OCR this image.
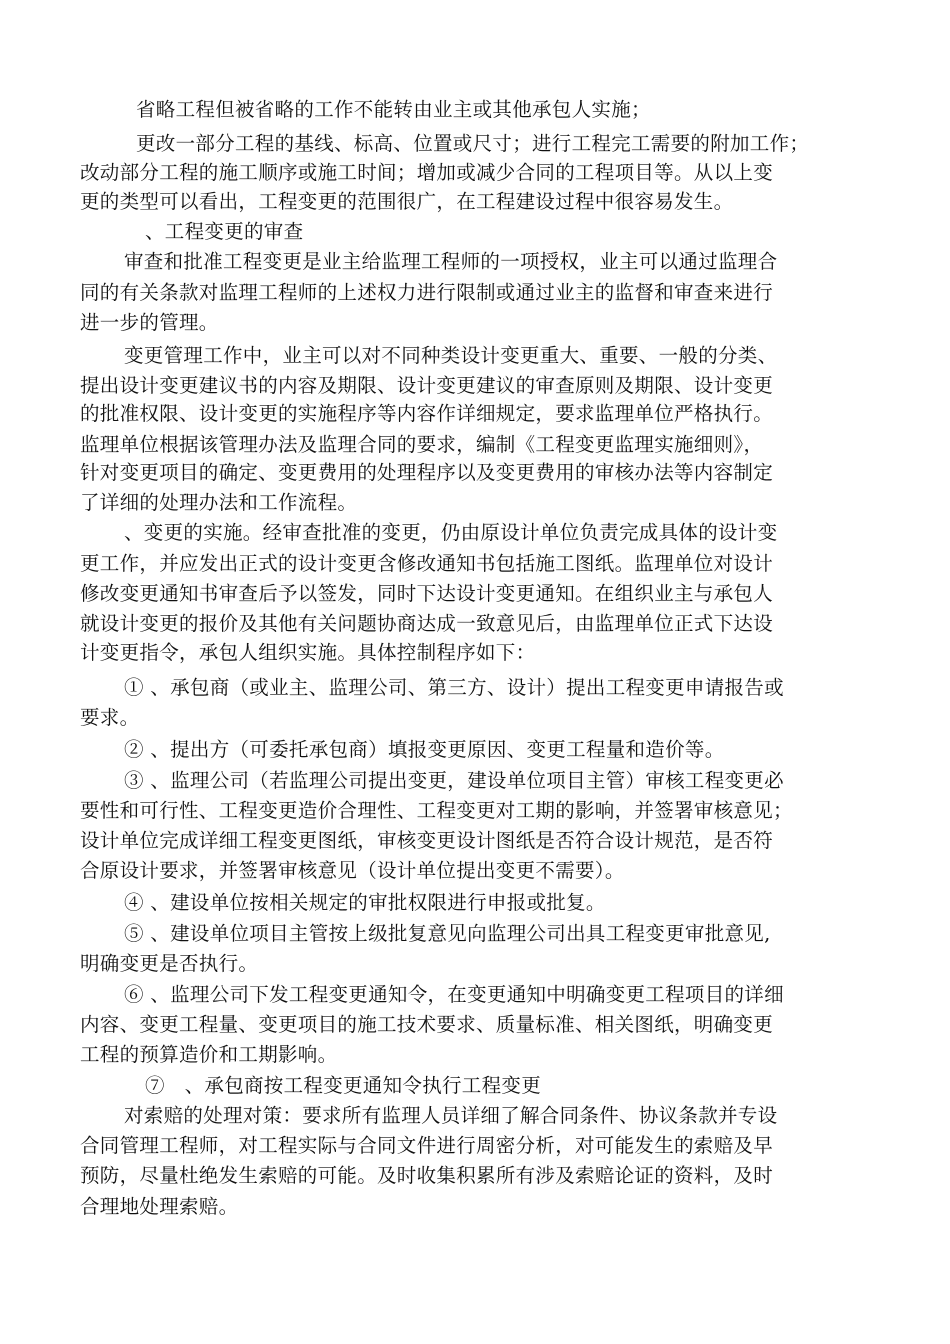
省略工程但被省略的工作不能转由业主或其他承包人实施；
更改一部分工程的基线、标高、位置或尺寸；进行工程完工需要的附加工作；
改动部分工程的施工顺序或施工时间；增加或减少合同的工程项目等。从以上变
更的类型可以看出，工程变更的范围很广，在工程建设过程中很容易发生。
、工程变更的审查
审查和批准工程变更是业主给监理工程师的一项授权，业主可以通过监理合
同的有关条款对监理工程师的上述权力进行限制或通过业主的监督和审查来进行
进一步的管理。
变更管理工作中，业主可以对不同种类设计变更重大、重要、一般的分类、
提出设计变更建议书的内容及期限、设计变更建议的审查原则及期限、设计变更
的批准权限、设计变更的实施程序等内容作详细规定，要求监理单位严格执行。
监理单位根据该管理办法及监理合同的要求，编制《工程变更监理实施细则》，
针对变更项目的确定、变更费用的处理程序以及变更费用的审核办法等内容制定
了详细的处理办法和工作流程。
、变更的实施。经审查批准的变更，仍由原设计单位负责完成具体的设计变
更工作，并应发出正式的设计变更含修改通知书包括施工图纸。监理单位对设计
修改变更通知书审查后予以签发，同时下达设计变更通知。在组织业主与承包人
就设计变更的报价及其他有关问题协商达成一致意见后，由监理单位正式下达设
计变更指令，承包人组织实施。具体控制程序如下：
① 、承包商（或业主、监理公司、第三方、设计）提出工程变更申请报告或
要求。
② 、提出方（可委托承包商）填报变更原因、变更工程量和造价等。
③ 、监理公司（若监理公司提出变更，建设单位项目主管）审核工程变更必
要性和可行性、工程变更造价合理性、工程变更对工期的影响，并签署审核意见；
设计单位完成详细工程变更图纸，审核变更设计图纸是否符合设计规范，是否符
合原设计要求，并签署审核意见（设计单位提出变更不需要）。
④ 、建设单位按相关规定的审批权限进行申报或批复。
⑤ 、建设单位项目主管按上级批复意见向监理公司出具工程变更审批意见,
明确变更是否执行。
⑥ 、监理公司下发工程变更通知令，在变更通知中明确变更工程项目的详细
内容、变更工程量、变更项目的施工技术要求、质量标准、相关图纸，明确变更
工程的预算造价和工期影响。
⑦　、承包商按工程变更通知令执行工程变更
对索赔的处理对策：要求所有监理人员详细了解合同条件、协议条款并专设
合同管理工程师，对工程实际与合同文件进行周密分析，对可能发生的索赔及早
预防，尽量杜绝发生索赔的可能。及时收集积累所有涉及索赔论证的资料，及时
合理地处理索赔。
